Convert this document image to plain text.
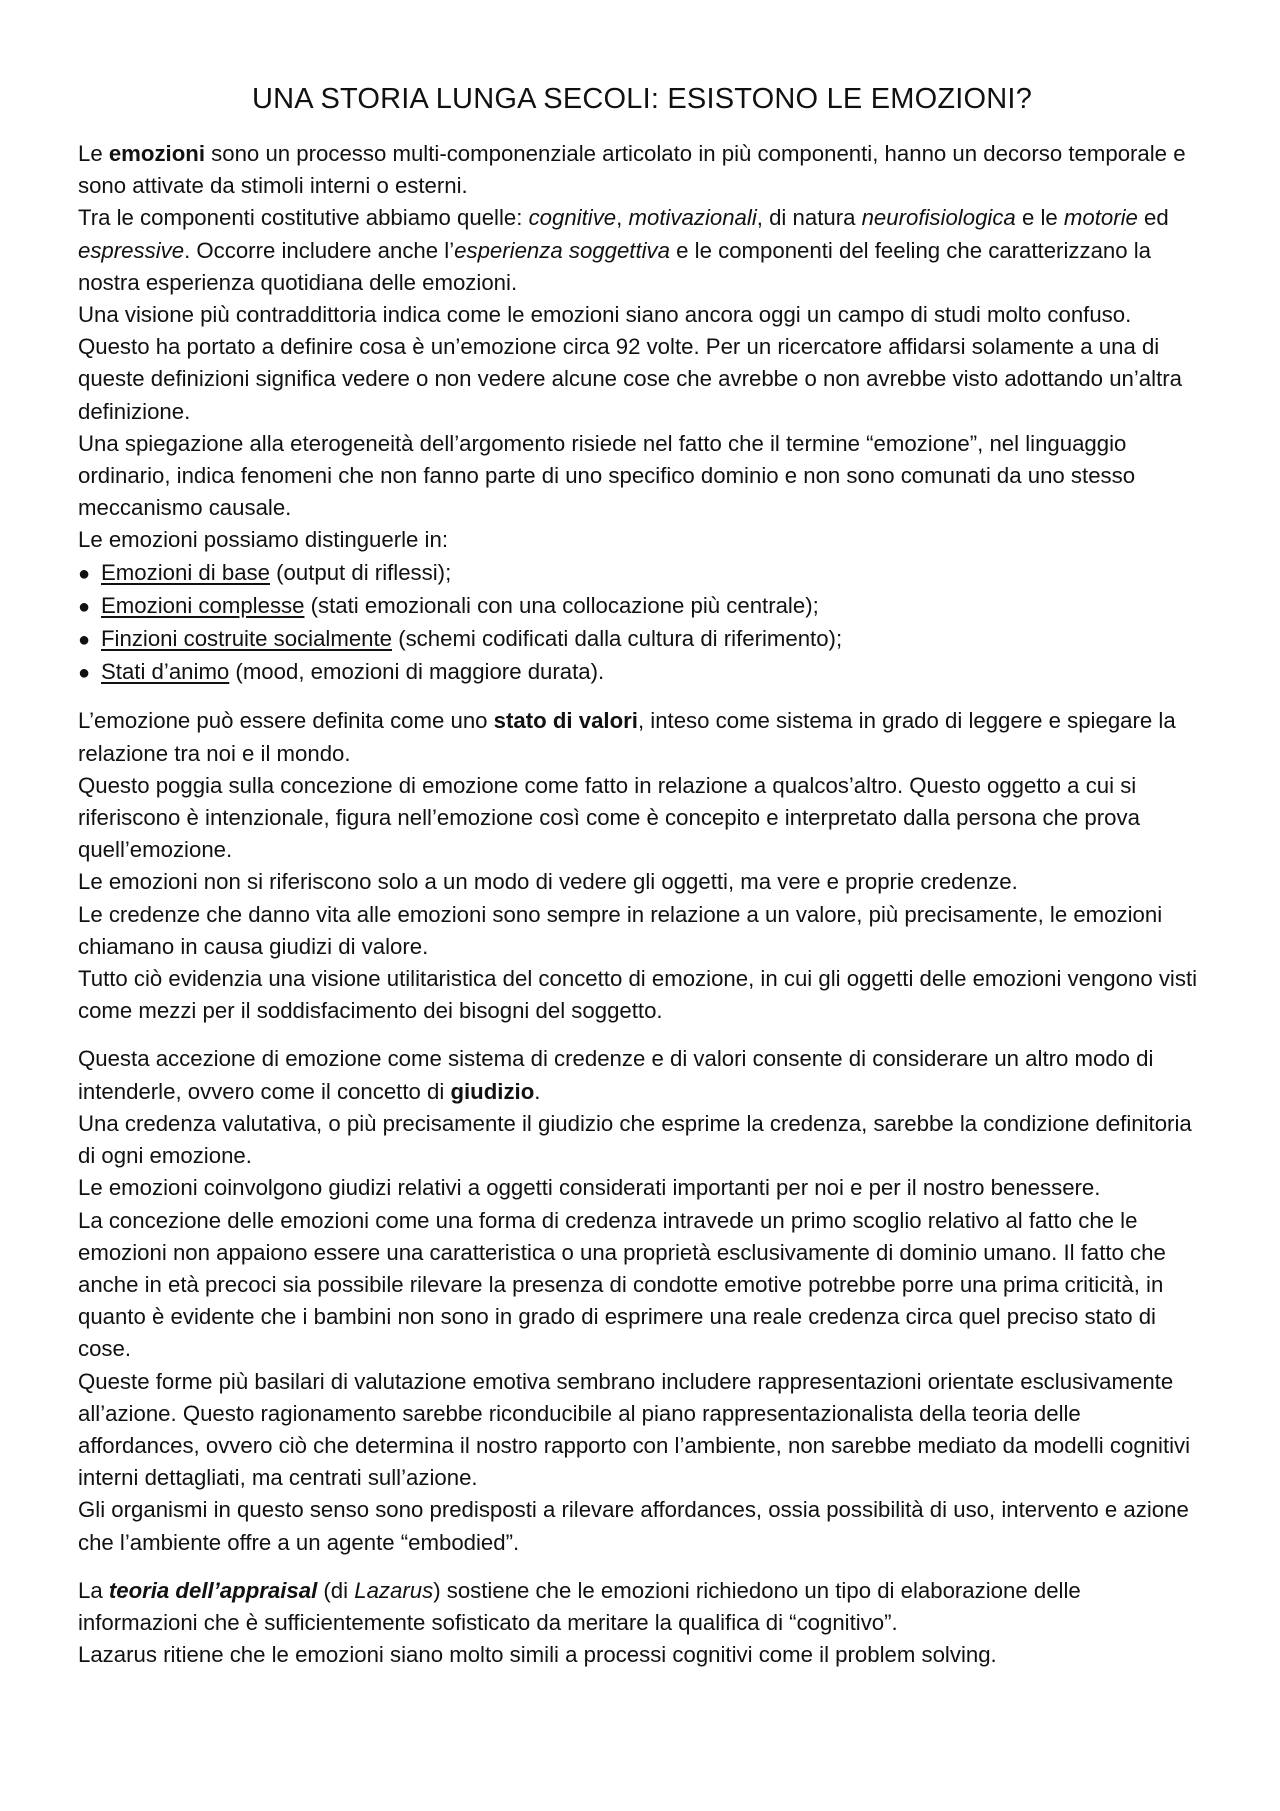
UNA STORIA LUNGA SECOLI: ESISTONO LE EMOZIONI?

Le emozioni sono un processo multi-componenziale articolato in più componenti, hanno un decorso temporale e sono attivate da stimoli interni o esterni.

Tra le componenti costitutive abbiamo quelle: cognitive, motivazionali, di natura neurofisiologica e le motorie ed espressive. Occorre includere anche l’esperienza soggettiva e le componenti del feeling che caratterizzano la nostra esperienza quotidiana delle emozioni.

Una visione più contraddittoria indica come le emozioni siano ancora oggi un campo di studi molto confuso. Questo ha portato a definire cosa è un’emozione circa 92 volte. Per un ricercatore affidarsi solamente a una di queste definizioni significa vedere o non vedere alcune cose che avrebbe o non avrebbe visto adottando un’altra definizione.

Una spiegazione alla eterogeneità dell’argomento risiede nel fatto che il termine “emozione”, nel linguaggio ordinario, indica fenomeni che non fanno parte di uno specifico dominio e non sono comunati da uno stesso meccanismo causale.

Le emozioni possiamo distinguerle in:

● Emozioni di base (output di riflessi);
● Emozioni complesse (stati emozionali con una collocazione più centrale);
● Finzioni costruite socialmente (schemi codificati dalla cultura di riferimento);
● Stati d’animo (mood, emozioni di maggiore durata).

L’emozione può essere definita come uno stato di valori, inteso come sistema in grado di leggere e spiegare la relazione tra noi e il mondo.

Questo poggia sulla concezione di emozione come fatto in relazione a qualcos’altro. Questo oggetto a cui si riferiscono è intenzionale, figura nell’emozione così come è concepito e interpretato dalla persona che prova quell’emozione.

Le emozioni non si riferiscono solo a un modo di vedere gli oggetti, ma vere e proprie credenze.

Le credenze che danno vita alle emozioni sono sempre in relazione a un valore, più precisamente, le emozioni chiamano in causa giudizi di valore.

Tutto ciò evidenzia una visione utilitaristica del concetto di emozione, in cui gli oggetti delle emozioni vengono visti come mezzi per il soddisfacimento dei bisogni del soggetto.

Questa accezione di emozione come sistema di credenze e di valori consente di considerare un altro modo di intenderle, ovvero come il concetto di giudizio.

Una credenza valutativa, o più precisamente il giudizio che esprime la credenza, sarebbe la condizione definitoria di ogni emozione.

Le emozioni coinvolgono giudizi relativi a oggetti considerati importanti per noi e per il nostro benessere.

La concezione delle emozioni come una forma di credenza intravede un primo scoglio relativo al fatto che le emozioni non appaiono essere una caratteristica o una proprietà esclusivamente di dominio umano. Il fatto che anche in età precoci sia possibile rilevare la presenza di condotte emotive potrebbe porre una prima criticità, in quanto è evidente che i bambini non sono in grado di esprimere una reale credenza circa quel preciso stato di cose.

Queste forme più basilari di valutazione emotiva sembrano includere rappresentazioni orientate esclusivamente all’azione. Questo ragionamento sarebbe riconducibile al piano rappresentazionalista della teoria delle affordances, ovvero ciò che determina il nostro rapporto con l’ambiente, non sarebbe mediato da modelli cognitivi interni dettagliati, ma centrati sull’azione.

Gli organismi in questo senso sono predisposti a rilevare affordances, ossia possibilità di uso, intervento e azione che l’ambiente offre a un agente “embodied”.

La teoria dell’appraisal (di Lazarus) sostiene che le emozioni richiedono un tipo di elaborazione delle informazioni che è sufficientemente sofisticato da meritare la qualifica di “cognitivo”.

Lazarus ritiene che le emozioni siano molto simili a processi cognitivi come il problem solving.
